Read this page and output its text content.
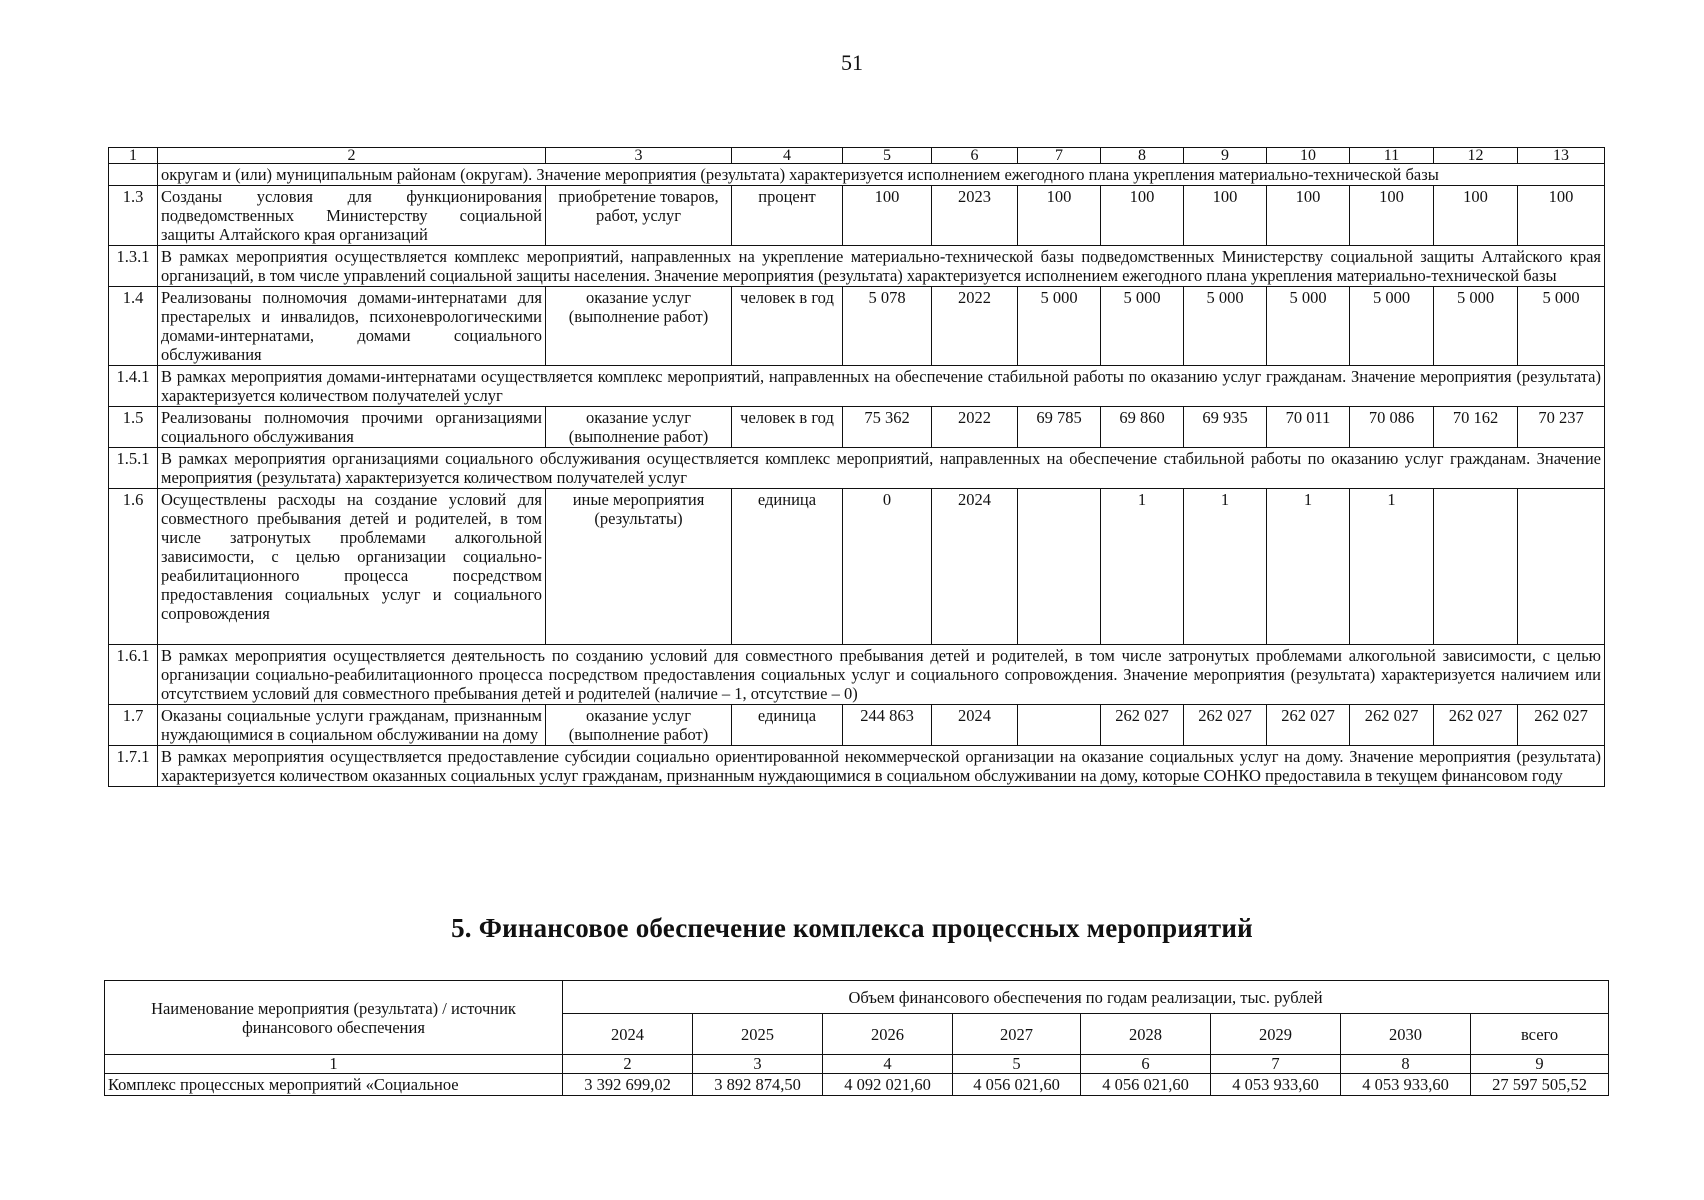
51
1	2	3	4	5	6	7	8	9	10	11	12	13
	округам и (или) муниципальным районам (округам). Значение мероприятия (результата) характеризуется исполнением ежегодного плана укрепления материально-технической базы											
1.3	Созданы условия для функционирования подведомственных Министерству социальной защиты Алтайского края организаций	приобретение товаров, работ, услуг	процент	100	2023	100	100	100	100	100	100	100
1.3.1	В рамках мероприятия осуществляется комплекс мероприятий, направленных на укрепление материально-технической базы подведомственных Министерству социальной защиты Алтайского края организаций, в том числе управлений социальной защиты населения. Значение мероприятия (результата) характеризуется исполнением ежегодного плана укрепления материально-технической базы											
1.4	Реализованы полномочия домами-интернатами для престарелых и инвалидов, психоневрологическими домами-интернатами, домами социального обслуживания	оказание услуг (выполнение работ)	человек в год	5 078	2022	5 000	5 000	5 000	5 000	5 000	5 000	5 000
1.4.1	В рамках мероприятия домами-интернатами осуществляется комплекс мероприятий, направленных на обеспечение стабильной работы по оказанию услуг гражданам. Значение мероприятия (результата) характеризуется количеством получателей услуг											
1.5	Реализованы полномочия прочими организациями социального обслуживания	оказание услуг (выполнение работ)	человек в год	75 362	2022	69 785	69 860	69 935	70 011	70 086	70 162	70 237
1.5.1	В рамках мероприятия организациями социального обслуживания осуществляется комплекс мероприятий, направленных на обеспечение стабильной работы по оказанию услуг гражданам. Значение мероприятия (результата) характеризуется количеством получателей услуг											
1.6	Осуществлены расходы на создание условий для совместного пребывания детей и родителей, в том числе затронутых проблемами алкогольной зависимости, с целью организации социально-реабилитационного процесса посредством предоставления социальных услуг и социального сопровождения	иные мероприятия (результаты)	единица	0	2024		1	1	1	1		
1.6.1	В рамках мероприятия осуществляется деятельность по созданию условий для совместного пребывания детей и родителей, в том числе затронутых проблемами алкогольной зависимости, с целью организации социально-реабилитационного процесса посредством предоставления социальных услуг и социального сопровождения. Значение мероприятия (результата) характеризуется наличием или отсутствием условий для совместного пребывания детей и родителей (наличие – 1, отсутствие – 0)											
1.7	Оказаны социальные услуги гражданам, признанным нуждающимися в социальном обслуживании на дому	оказание услуг (выполнение работ)	единица	244 863	2024		262 027	262 027	262 027	262 027	262 027	262 027
1.7.1	В рамках мероприятия осуществляется предоставление субсидии социально ориентированной некоммерческой организации на оказание социальных услуг на дому. Значение мероприятия (результата) характеризуется количеством оказанных социальных услуг гражданам, признанным нуждающимися в социальном обслуживании на дому, которые СОНКО предоставила в текущем финансовом году											
5. Финансовое обеспечение комплекса процессных мероприятий
Наименование мероприятия (результата) / источник финансового обеспечения	Объем финансового обеспечения по годам реализации, тыс. рублей							
	2024	2025	2026	2027	2028	2029	2030	всего
1	2	3	4	5	6	7	8	9
Комплекс процессных мероприятий «Социальное	3 392 699,02	3 892 874,50	4 092 021,60	4 056 021,60	4 056 021,60	4 053 933,60	4 053 933,60	27 597 505,52
